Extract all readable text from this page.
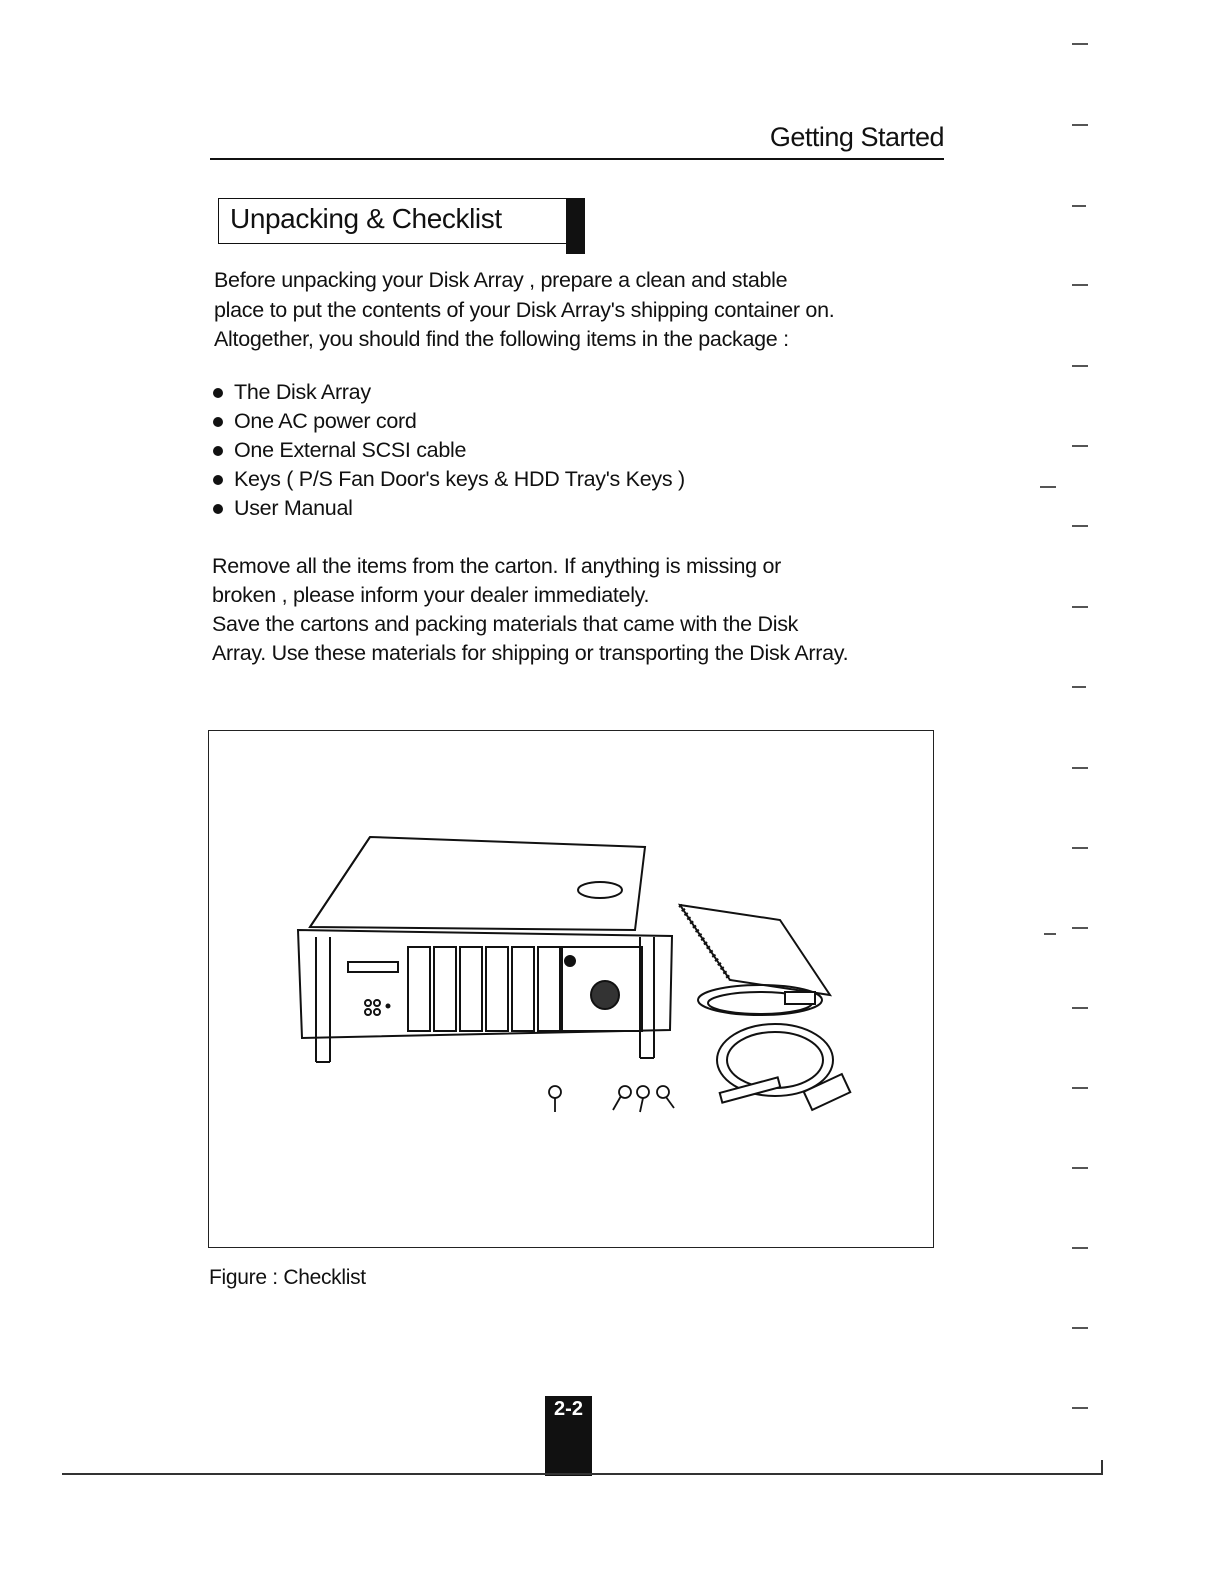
Getting Started
Unpacking & Checklist

Before unpacking your Disk Array , prepare a clean and stable
place to put the contents of your Disk Array's shipping container on.
Altogether, you should find the following items in the package :

The Disk Array
One AC power cord
One External SCSI cable
Keys ( P/S Fan Door's keys & HDD Tray's Keys )
User Manual

Remove all the items from the carton. If anything is missing or
broken , please inform your dealer immediately.
Save the cartons and packing materials that came with the Disk
Array. Use these materials for shipping or transporting the Disk Array.

Figure : Checklist
2-2
